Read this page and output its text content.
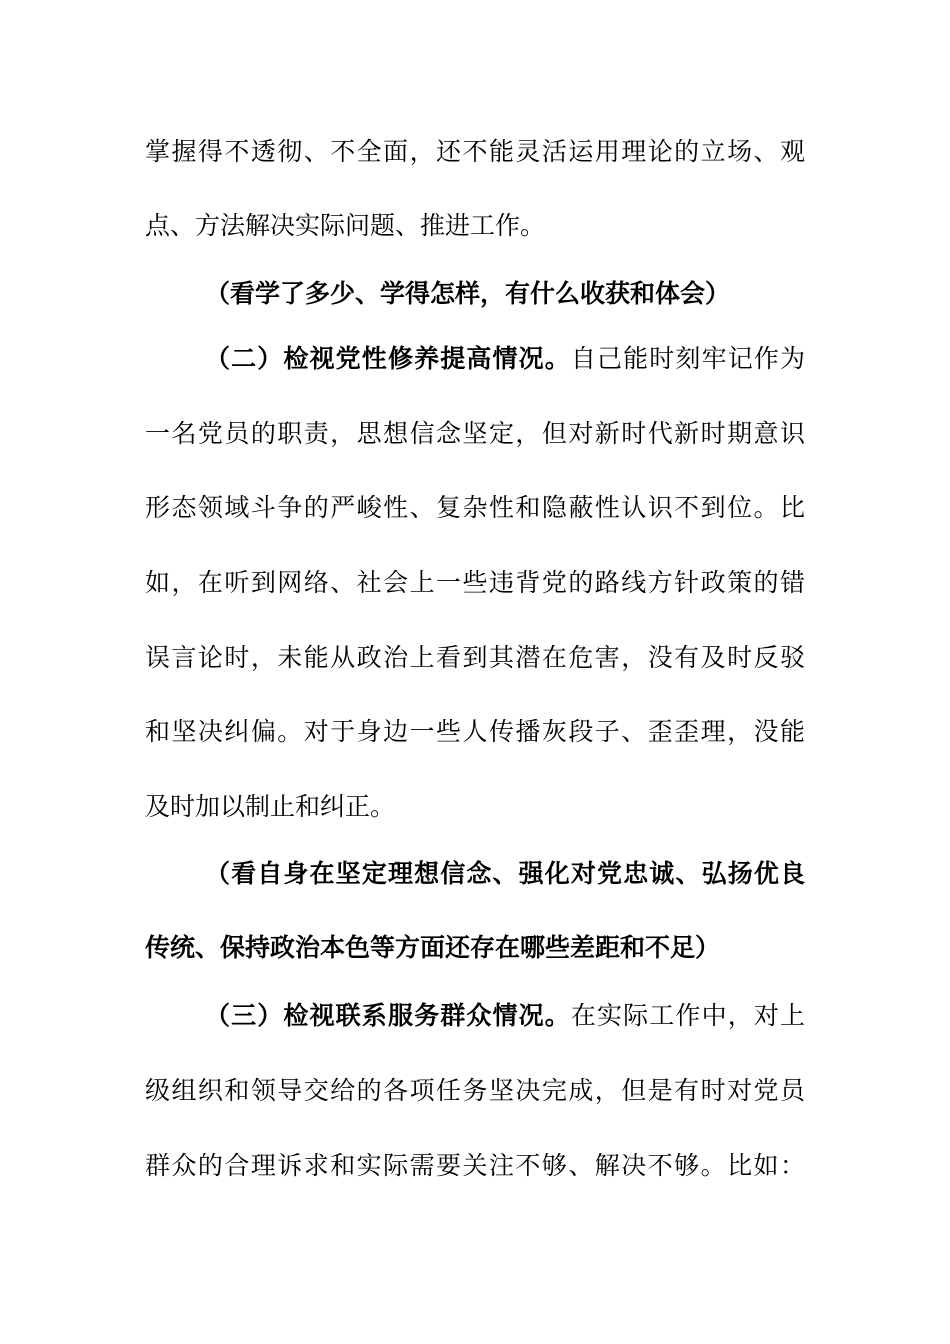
掌握得不透彻、不全面，还不能灵活运用理论的立场、观
点、方法解决实际问题、推进工作。
（看学了多少、学得怎样，有什么收获和体会）
（二）检视党性修养提高情况。自己能时刻牢记作为
一名党员的职责，思想信念坚定，但对新时代新时期意识
形态领域斗争的严峻性、复杂性和隐蔽性认识不到位。比
如，在听到网络、社会上一些违背党的路线方针政策的错
误言论时，未能从政治上看到其潜在危害，没有及时反驳
和坚决纠偏。对于身边一些人传播灰段子、歪歪理，没能
及时加以制止和纠正。
（看自身在坚定理想信念、强化对党忠诚、弘扬优良
传统、保持政治本色等方面还存在哪些差距和不足）
（三）检视联系服务群众情况。在实际工作中，对上
级组织和领导交给的各项任务坚决完成，但是有时对党员
群众的合理诉求和实际需要关注不够、解决不够。比如：
